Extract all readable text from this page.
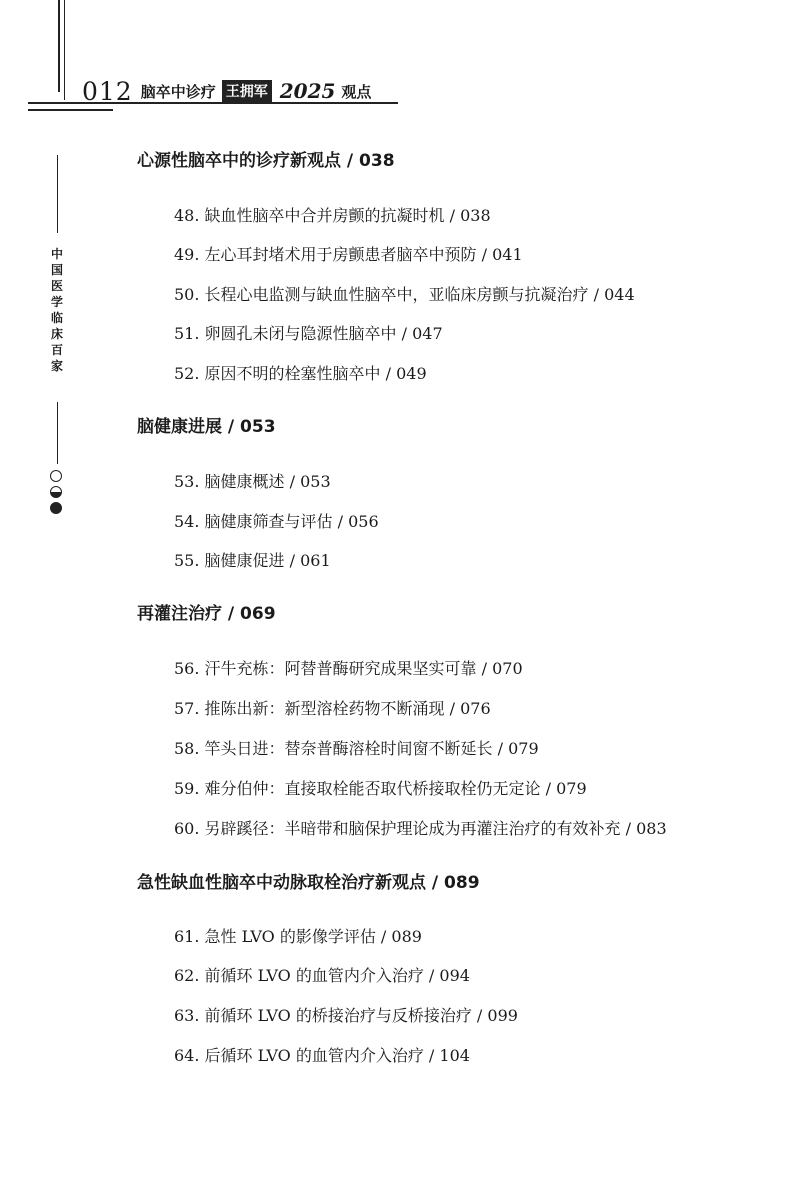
012 脑卒中诊疗 王拥军 2025 观点
中
国
医
学
临
床
百
家
心源性脑卒中的诊疗新观点 / 038
48. 缺血性脑卒中合并房颤的抗凝时机 / 038
49. 左心耳封堵术用于房颤患者脑卒中预防 / 041
50. 长程心电监测与缺血性脑卒中，亚临床房颤与抗凝治疗 / 044
51. 卵圆孔未闭与隐源性脑卒中 / 047
52. 原因不明的栓塞性脑卒中 / 049
脑健康进展 / 053
53. 脑健康概述 / 053
54. 脑健康筛查与评估 / 056
55. 脑健康促进 / 061
再灌注治疗 / 069
56. 汗牛充栋：阿替普酶研究成果坚实可靠 / 070
57. 推陈出新：新型溶栓药物不断涌现 / 076
58. 竿头日进：替奈普酶溶栓时间窗不断延长 / 079
59. 难分伯仲：直接取栓能否取代桥接取栓仍无定论 / 079
60. 另辟蹊径：半暗带和脑保护理论成为再灌注治疗的有效补充 / 083
急性缺血性脑卒中动脉取栓治疗新观点 / 089
61. 急性 LVO 的影像学评估 / 089
62. 前循环 LVO 的血管内介入治疗 / 094
63. 前循环 LVO 的桥接治疗与反桥接治疗 / 099
64. 后循环 LVO 的血管内介入治疗 / 104
